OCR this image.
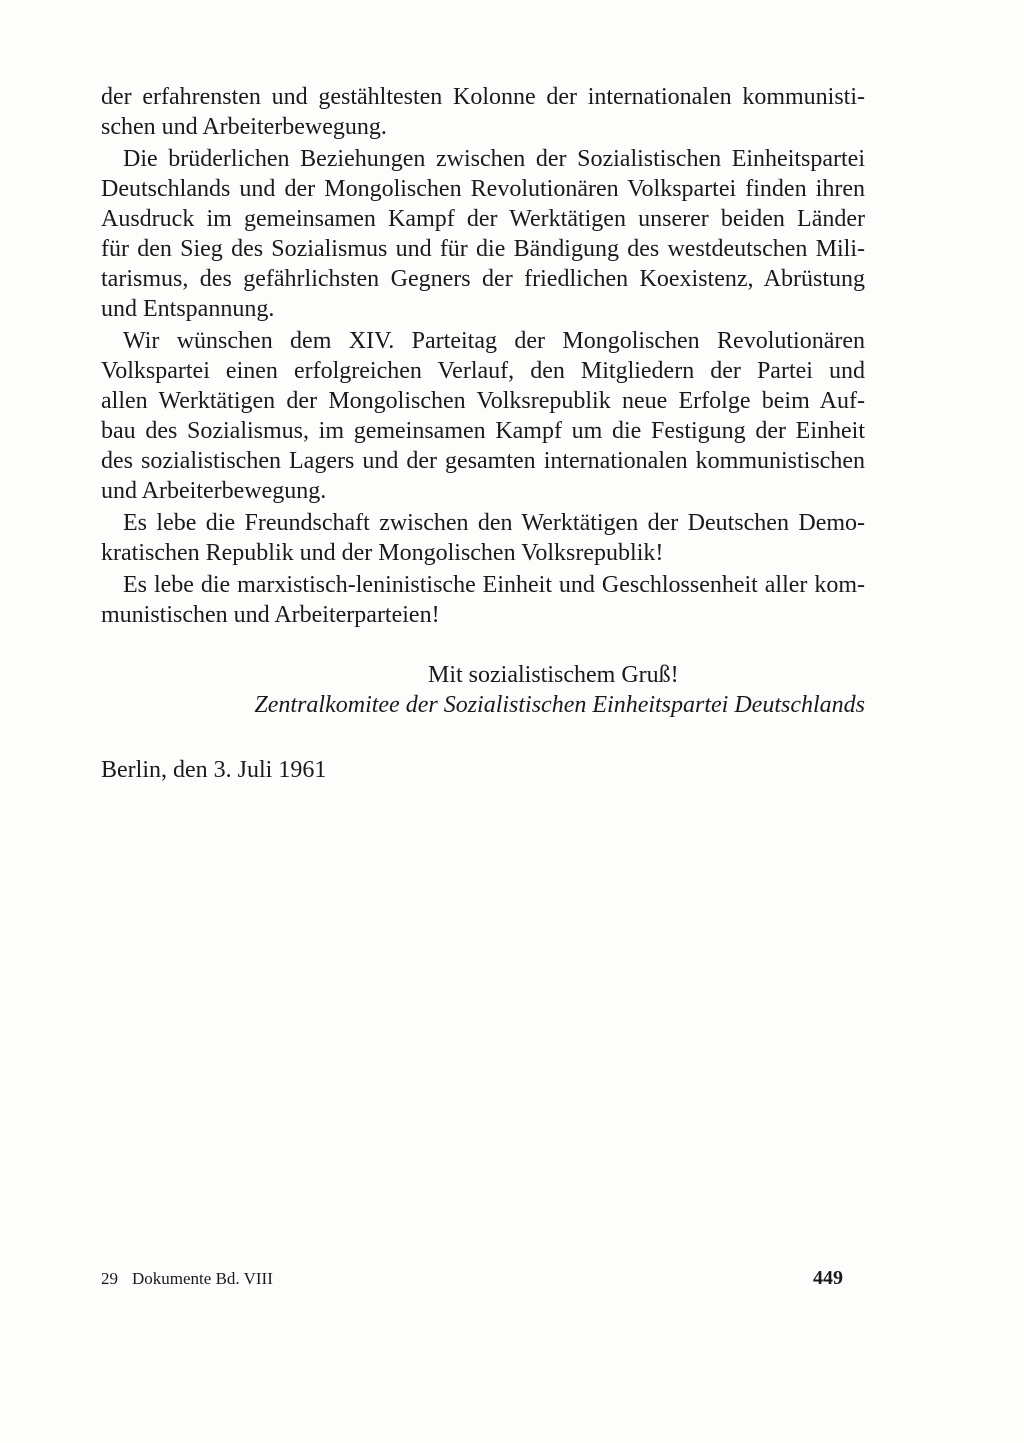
der erfahrensten und gestähltesten Kolonne der internationalen kommunisti-
schen und Arbeiterbewegung.
Die brüderlichen Beziehungen zwischen der Sozialistischen Einheitspartei
Deutschlands und der Mongolischen Revolutionären Volkspartei finden ihren
Ausdruck im gemeinsamen Kampf der Werktätigen unserer beiden Länder
für den Sieg des Sozialismus und für die Bändigung des westdeutschen Mili-
tarismus, des gefährlichsten Gegners der friedlichen Koexistenz, Abrüstung
und Entspannung.
Wir wünschen dem XIV. Parteitag der Mongolischen Revolutionären
Volkspartei einen erfolgreichen Verlauf, den Mitgliedern der Partei und
allen Werktätigen der Mongolischen Volksrepublik neue Erfolge beim Auf-
bau des Sozialismus, im gemeinsamen Kampf um die Festigung der Einheit
des sozialistischen Lagers und der gesamten internationalen kommunistischen
und Arbeiterbewegung.
Es lebe die Freundschaft zwischen den Werktätigen der Deutschen Demo-
kratischen Republik und der Mongolischen Volksrepublik!
Es lebe die marxistisch-leninistische Einheit und Geschlossenheit aller kom-
munistischen und Arbeiterparteien!
Mit sozialistischem Gruß!
Zentralkomitee der Sozialistischen Einheitspartei Deutschlands
Berlin, den 3. Juli 1961
29 Dokumente Bd. VIII	449
